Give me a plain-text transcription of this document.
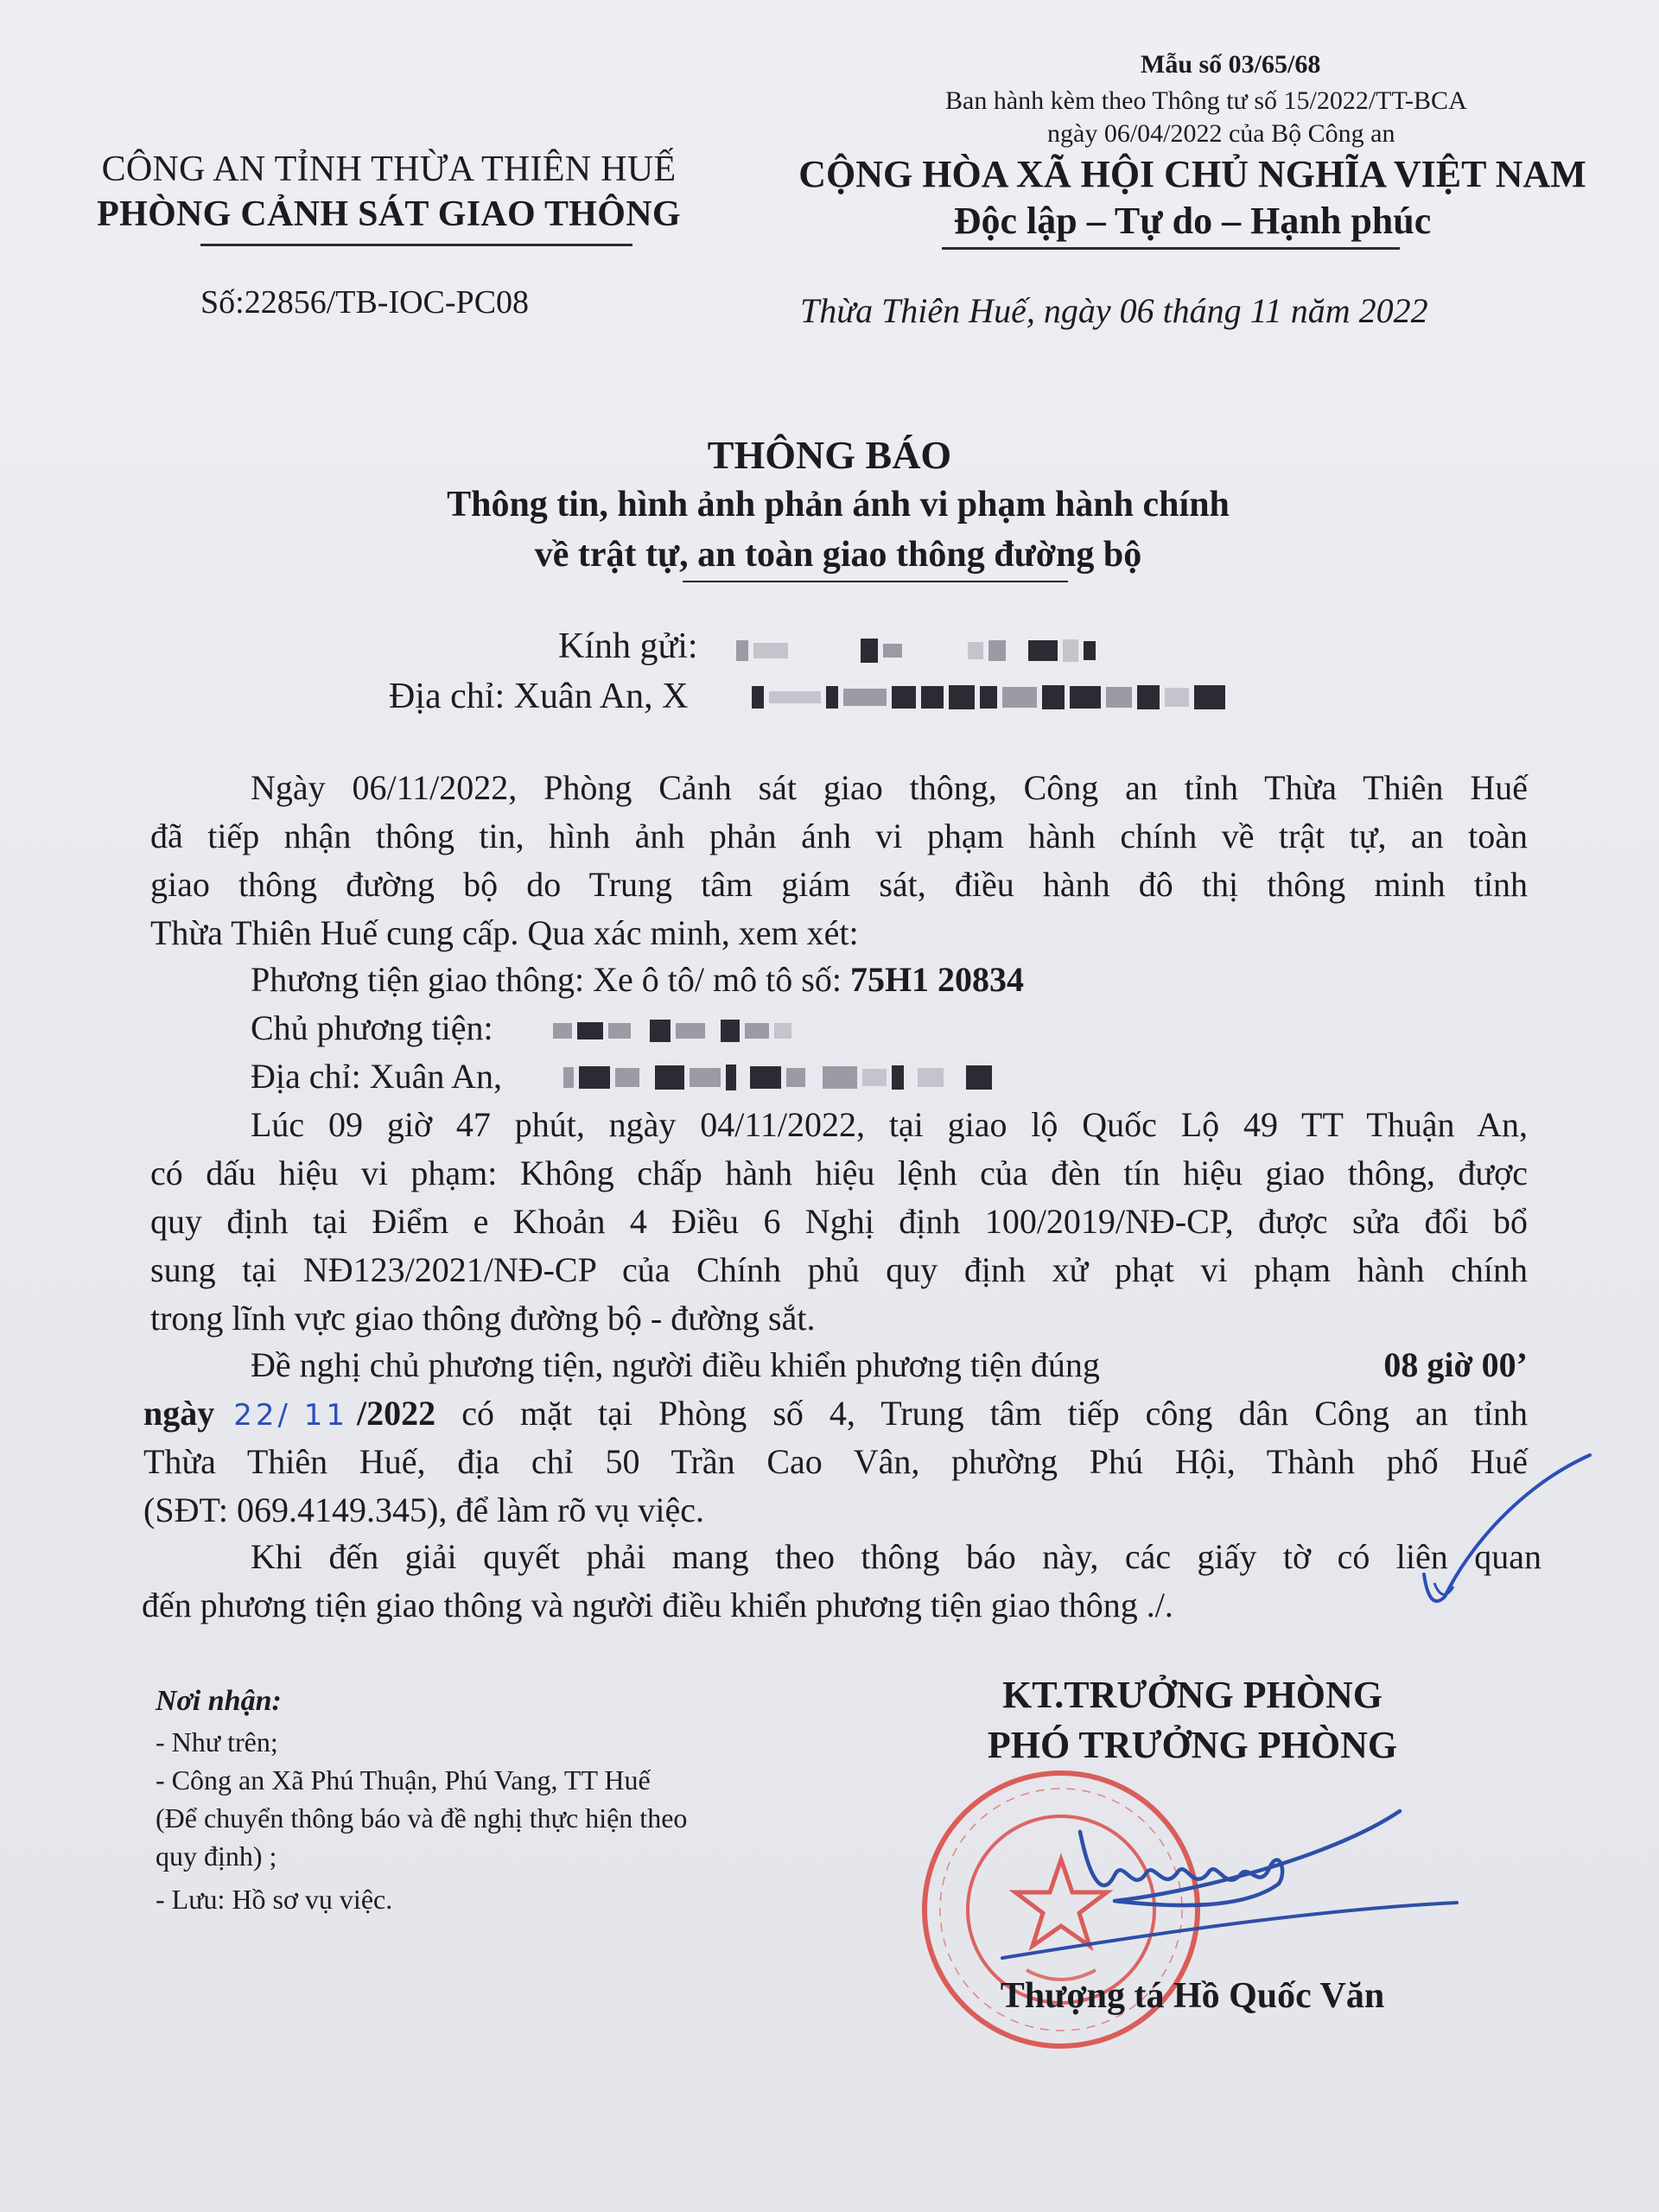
Mẫu số 03/65/68
Ban hành kèm theo Thông tư số 15/2022/TT-BCA
ngày 06/04/2022 của Bộ Công an
CÔNG AN TỈNH THỪA THIÊN HUẾ
PHÒNG CẢNH SÁT GIAO THÔNG
CỘNG HÒA XÃ HỘI CHỦ NGHĨA VIỆT NAM
Độc lập – Tự do – Hạnh phúc
Số:22856/TB-IOC-PC08	Thừa Thiên Huế, ngày 06 tháng 11 năm 2022
THÔNG BÁO
Thông tin, hình ảnh phản ánh vi phạm hành chính
về trật tự, an toàn giao thông đường bộ
Kính gửi:
Địa chỉ: Xuân An, X
Ngày 06/11/2022, Phòng Cảnh sát giao thông, Công an tỉnh Thừa Thiên Huế
đã tiếp nhận thông tin, hình ảnh phản ánh vi phạm hành chính về trật tự, an toàn
giao thông đường bộ do Trung tâm giám sát, điều hành đô thị thông minh tỉnh
Thừa Thiên Huế cung cấp. Qua xác minh, xem xét:
Phương tiện giao thông: Xe ô tô/ mô tô số: 75H1 20834
Chủ phương tiện:
Địa chỉ: Xuân An,
Lúc 09 giờ 47 phút, ngày 04/11/2022, tại giao lộ Quốc Lộ 49 TT Thuận An,
có dấu hiệu vi phạm: Không chấp hành hiệu lệnh của đèn tín hiệu giao thông, được
quy định tại Điểm e Khoản 4 Điều 6 Nghị định 100/2019/NĐ-CP, được sửa đổi bổ
sung tại NĐ123/2021/NĐ-CP của Chính phủ quy định xử phạt vi phạm hành chính
trong lĩnh vực giao thông đường bộ - đường sắt.
Đề nghị chủ phương tiện, người điều khiển phương tiện đúng	08 giờ 00’
ngày 22/ 11 /2022 có mặt tại Phòng số 4, Trung tâm tiếp công dân Công an tỉnh
Thừa Thiên Huế, địa chỉ 50 Trần Cao Vân, phường Phú Hội, Thành phố Huế
(SĐT: 069.4149.345), để làm rõ vụ việc.
Khi đến giải quyết phải mang theo thông báo này, các giấy tờ có liên quan
đến phương tiện giao thông và người điều khiển phương tiện giao thông ./.
Nơi nhận:
- Như trên;
- Công an Xã Phú Thuận, Phú Vang, TT Huế
(Để chuyển thông báo và đề nghị thực hiện theo
quy định) ;
- Lưu: Hồ sơ vụ việc.
KT.TRƯỞNG PHÒNG
PHÓ TRƯỞNG PHÒNG
Thượng tá Hồ Quốc Văn
